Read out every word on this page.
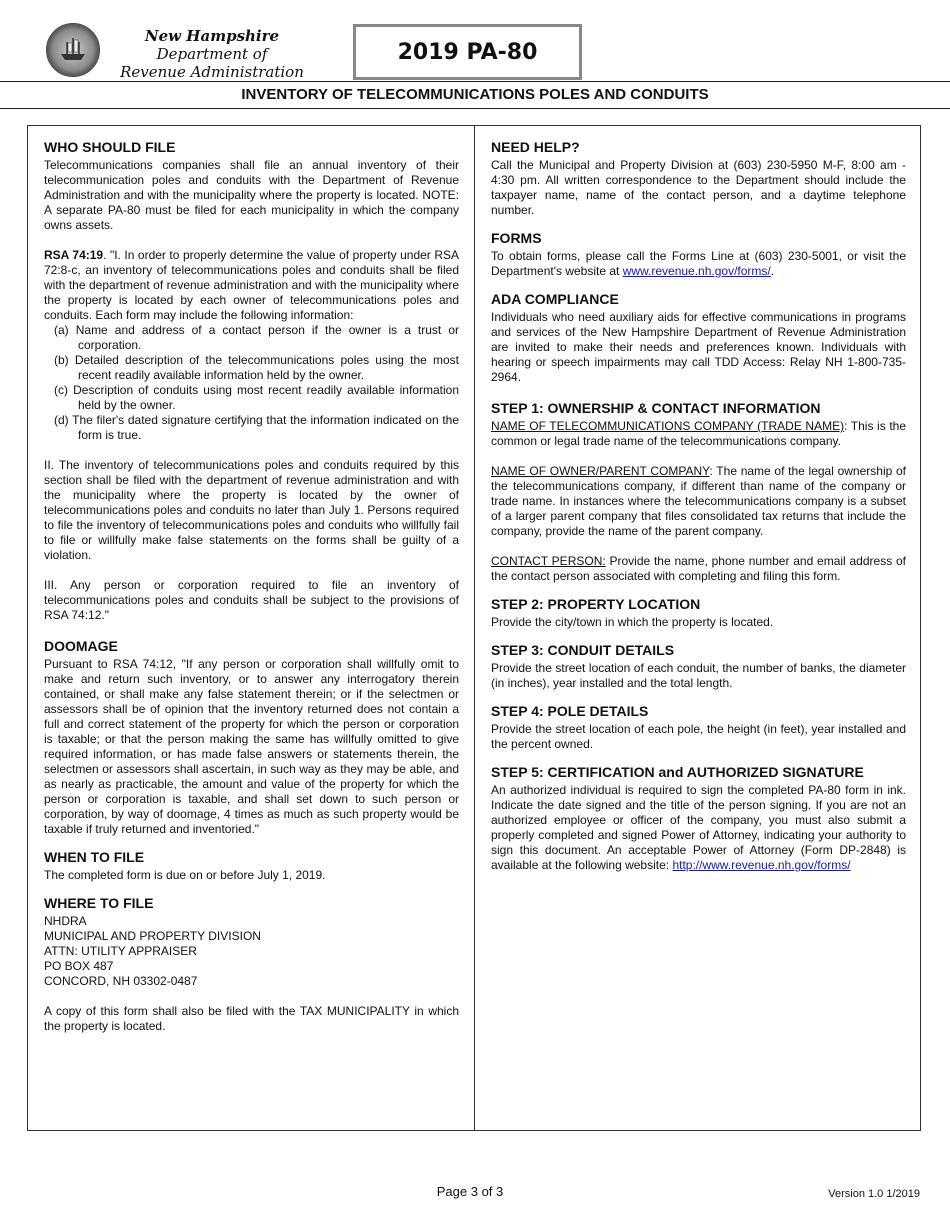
New Hampshire
Department of
Revenue Administration
2019 PA-80
INVENTORY OF TELECOMMUNICATIONS POLES AND CONDUITS
WHO SHOULD FILE

Telecommunications companies shall file an annual inventory of their telecommunication poles and conduits with the Department of Revenue Administration and with the municipality where the property is located. NOTE: A separate PA-80 must be filed for each municipality in which the company owns assets.

RSA 74:19. "I. In order to properly determine the value of property under RSA 72:8-c, an inventory of telecommunications poles and conduits shall be filed with the department of revenue administration and with the municipality where the property is located by each owner of telecommunications poles and conduits. Each form may include the following information:

(a) Name and address of a contact person if the owner is a trust or corporation.
(b) Detailed description of the telecommunications poles using the most recent readily available information held by the owner.
(c) Description of conduits using most recent readily available information held by the owner.
(d) The filer's dated signature certifying that the information indicated on the form is true.

II. The inventory of telecommunications poles and conduits required by this section shall be filed with the department of revenue administration and with the municipality where the property is located by the owner of telecommunications poles and conduits no later than July 1. Persons required to file the inventory of telecommunications poles and conduits who willfully fail to file or willfully make false statements on the forms shall be guilty of a violation.

III. Any person or corporation required to file an inventory of telecommunications poles and conduits shall be subject to the provisions of RSA 74:12."

DOOMAGE

Pursuant to RSA 74:12, "If any person or corporation shall willfully omit to make and return such inventory, or to answer any interrogatory therein contained, or shall make any false statement therein; or if the selectmen or assessors shall be of opinion that the inventory returned does not contain a full and correct statement of the property for which the person or corporation is taxable; or that the person making the same has willfully omitted to give required information, or has made false answers or statements therein, the selectmen or assessors shall ascertain, in such way as they may be able, and as nearly as practicable, the amount and value of the property for which the person or corporation is taxable, and shall set down to such person or corporation, by way of doomage, 4 times as much as such property would be taxable if truly returned and inventoried."

WHEN TO FILE

The completed form is due on or before July 1, 2019.

WHERE TO FILE

NHDRA

MUNICIPAL AND PROPERTY DIVISION

ATTN: UTILITY APPRAISER

PO BOX 487

CONCORD, NH 03302-0487

A copy of this form shall also be filed with the TAX MUNICIPALITY in which the property is located.

NEED HELP?

Call the Municipal and Property Division at (603) 230-5950 M-F, 8:00 am - 4:30 pm. All written correspondence to the Department should include the taxpayer name, name of the contact person, and a daytime telephone number.

FORMS

To obtain forms, please call the Forms Line at (603) 230-5001, or visit the Department's website at www.revenue.nh.gov/forms/.

ADA COMPLIANCE

Individuals who need auxiliary aids for effective communications in programs and services of the New Hampshire Department of Revenue Administration are invited to make their needs and preferences known. Individuals with hearing or speech impairments may call TDD Access: Relay NH 1-800-735-2964.

STEP 1: OWNERSHIP & CONTACT INFORMATION

NAME OF TELECOMMUNICATIONS COMPANY (TRADE NAME): This is the common or legal trade name of the telecommunications company.

NAME OF OWNER/PARENT COMPANY: The name of the legal ownership of the telecommunications company, if different than name of the company or trade name. In instances where the telecommunications company is a subset of a larger parent company that files consolidated tax returns that include the company, provide the name of the parent company.

CONTACT PERSON: Provide the name, phone number and email address of the contact person associated with completing and filing this form.

STEP 2: PROPERTY LOCATION

Provide the city/town in which the property is located.

STEP 3: CONDUIT DETAILS

Provide the street location of each conduit, the number of banks, the diameter (in inches), year installed and the total length.

STEP 4: POLE DETAILS

Provide the street location of each pole, the height (in feet), year installed and the percent owned.

STEP 5: CERTIFICATION and AUTHORIZED SIGNATURE

An authorized individual is required to sign the completed PA-80 form in ink. Indicate the date signed and the title of the person signing. If you are not an authorized employee or officer of the company, you must also submit a properly completed and signed Power of Attorney, indicating your authority to sign this document. An acceptable Power of Attorney (Form DP-2848) is available at the following website: http://www.revenue.nh.gov/forms/

Page 3 of 3	Version 1.0 1/2019
